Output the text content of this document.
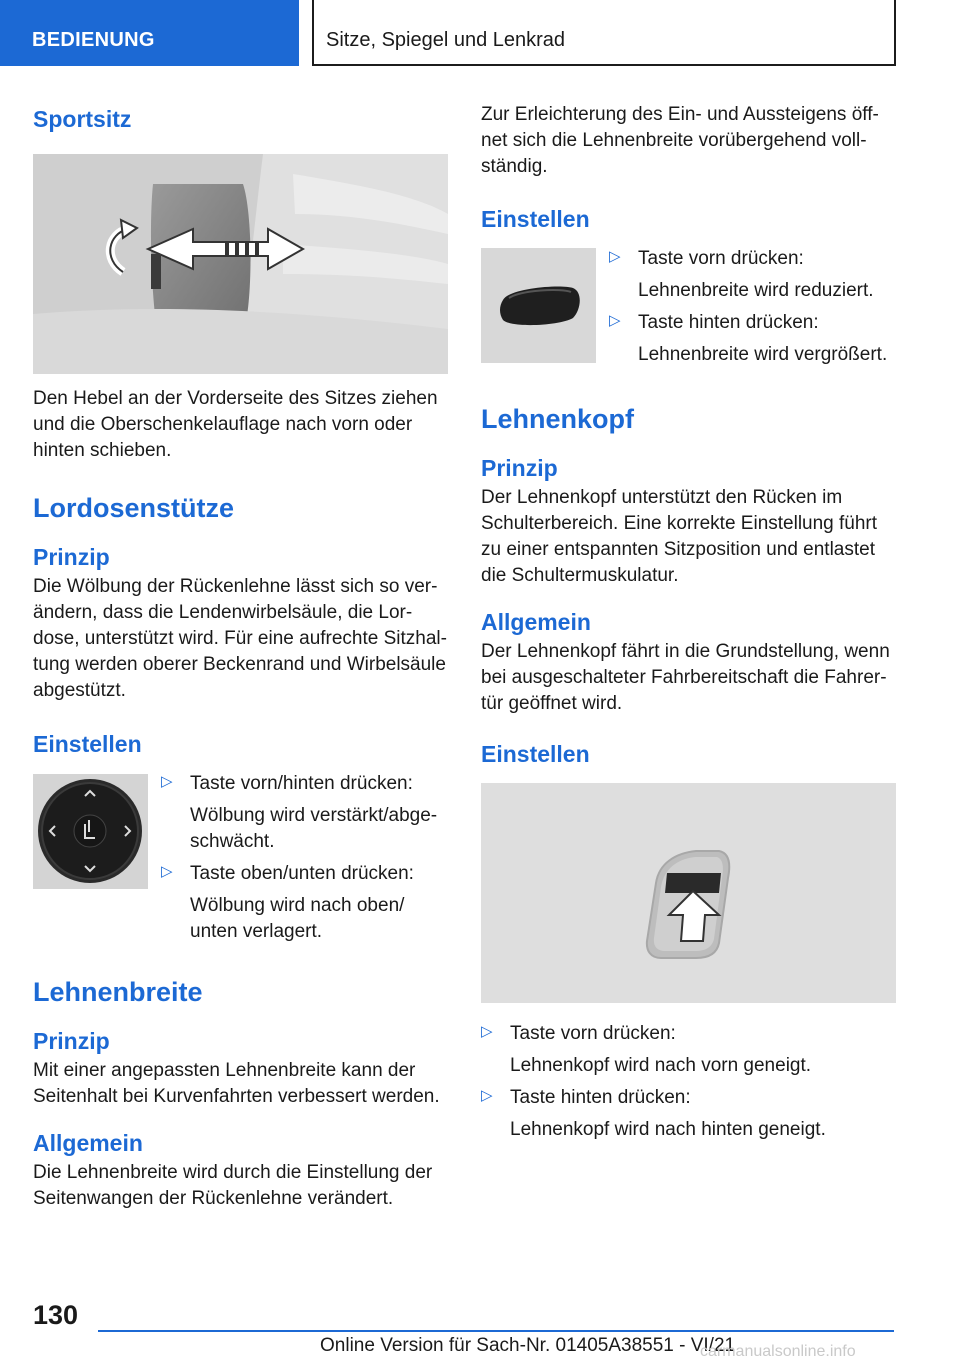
BEDIENUNG	Sitze, Spiegel und Lenkrad
Sportsitz

Den Hebel an der Vorderseite des Sitzes ziehen und die Oberschenkelauflage nach vorn oder hinten schieben.

Lordosenstütze
Prinzip

Die Wölbung der Rückenlehne lässt sich so verändern, dass die Lendenwirbelsäule, die Lordose, unterstützt wird. Für eine aufrechte Sitzhaltung werden oberer Beckenrand und Wirbelsäule abgestützt.

Einstellen
▷ Taste vorn/hinten drücken:
Wölbung wird verstärkt/abgeschwächt.
▷ Taste oben/unten drücken:
Wölbung wird nach oben/ unten verlagert.
Lehnenbreite
Prinzip

Mit einer angepassten Lehnenbreite kann der Seitenhalt bei Kurvenfahrten verbessert werden.

Allgemein

Die Lehnenbreite wird durch die Einstellung der Seitenwangen der Rückenlehne verändert.

Zur Erleichterung des Ein- und Aussteigens öffnet sich die Lehnenbreite vorübergehend vollständig.

Einstellen
▷ Taste vorn drücken:
Lehnenbreite wird reduziert.
▷ Taste hinten drücken:
Lehnenbreite wird vergrößert.
Lehnenkopf
Prinzip

Der Lehnenkopf unterstützt den Rücken im Schulterbereich. Eine korrekte Einstellung führt zu einer entspannten Sitzposition und entlastet die Schultermuskulatur.

Allgemein

Der Lehnenkopf fährt in die Grundstellung, wenn bei ausgeschalteter Fahrbereitschaft die Fahrertür geöffnet wird.

Einstellen
▷ Taste vorn drücken:
Lehnenkopf wird nach vorn geneigt.
▷ Taste hinten drücken:
Lehnenkopf wird nach hinten geneigt.
130
Online Version für Sach-Nr. 01405A38551 - VI/21
carmanualsonline.info
